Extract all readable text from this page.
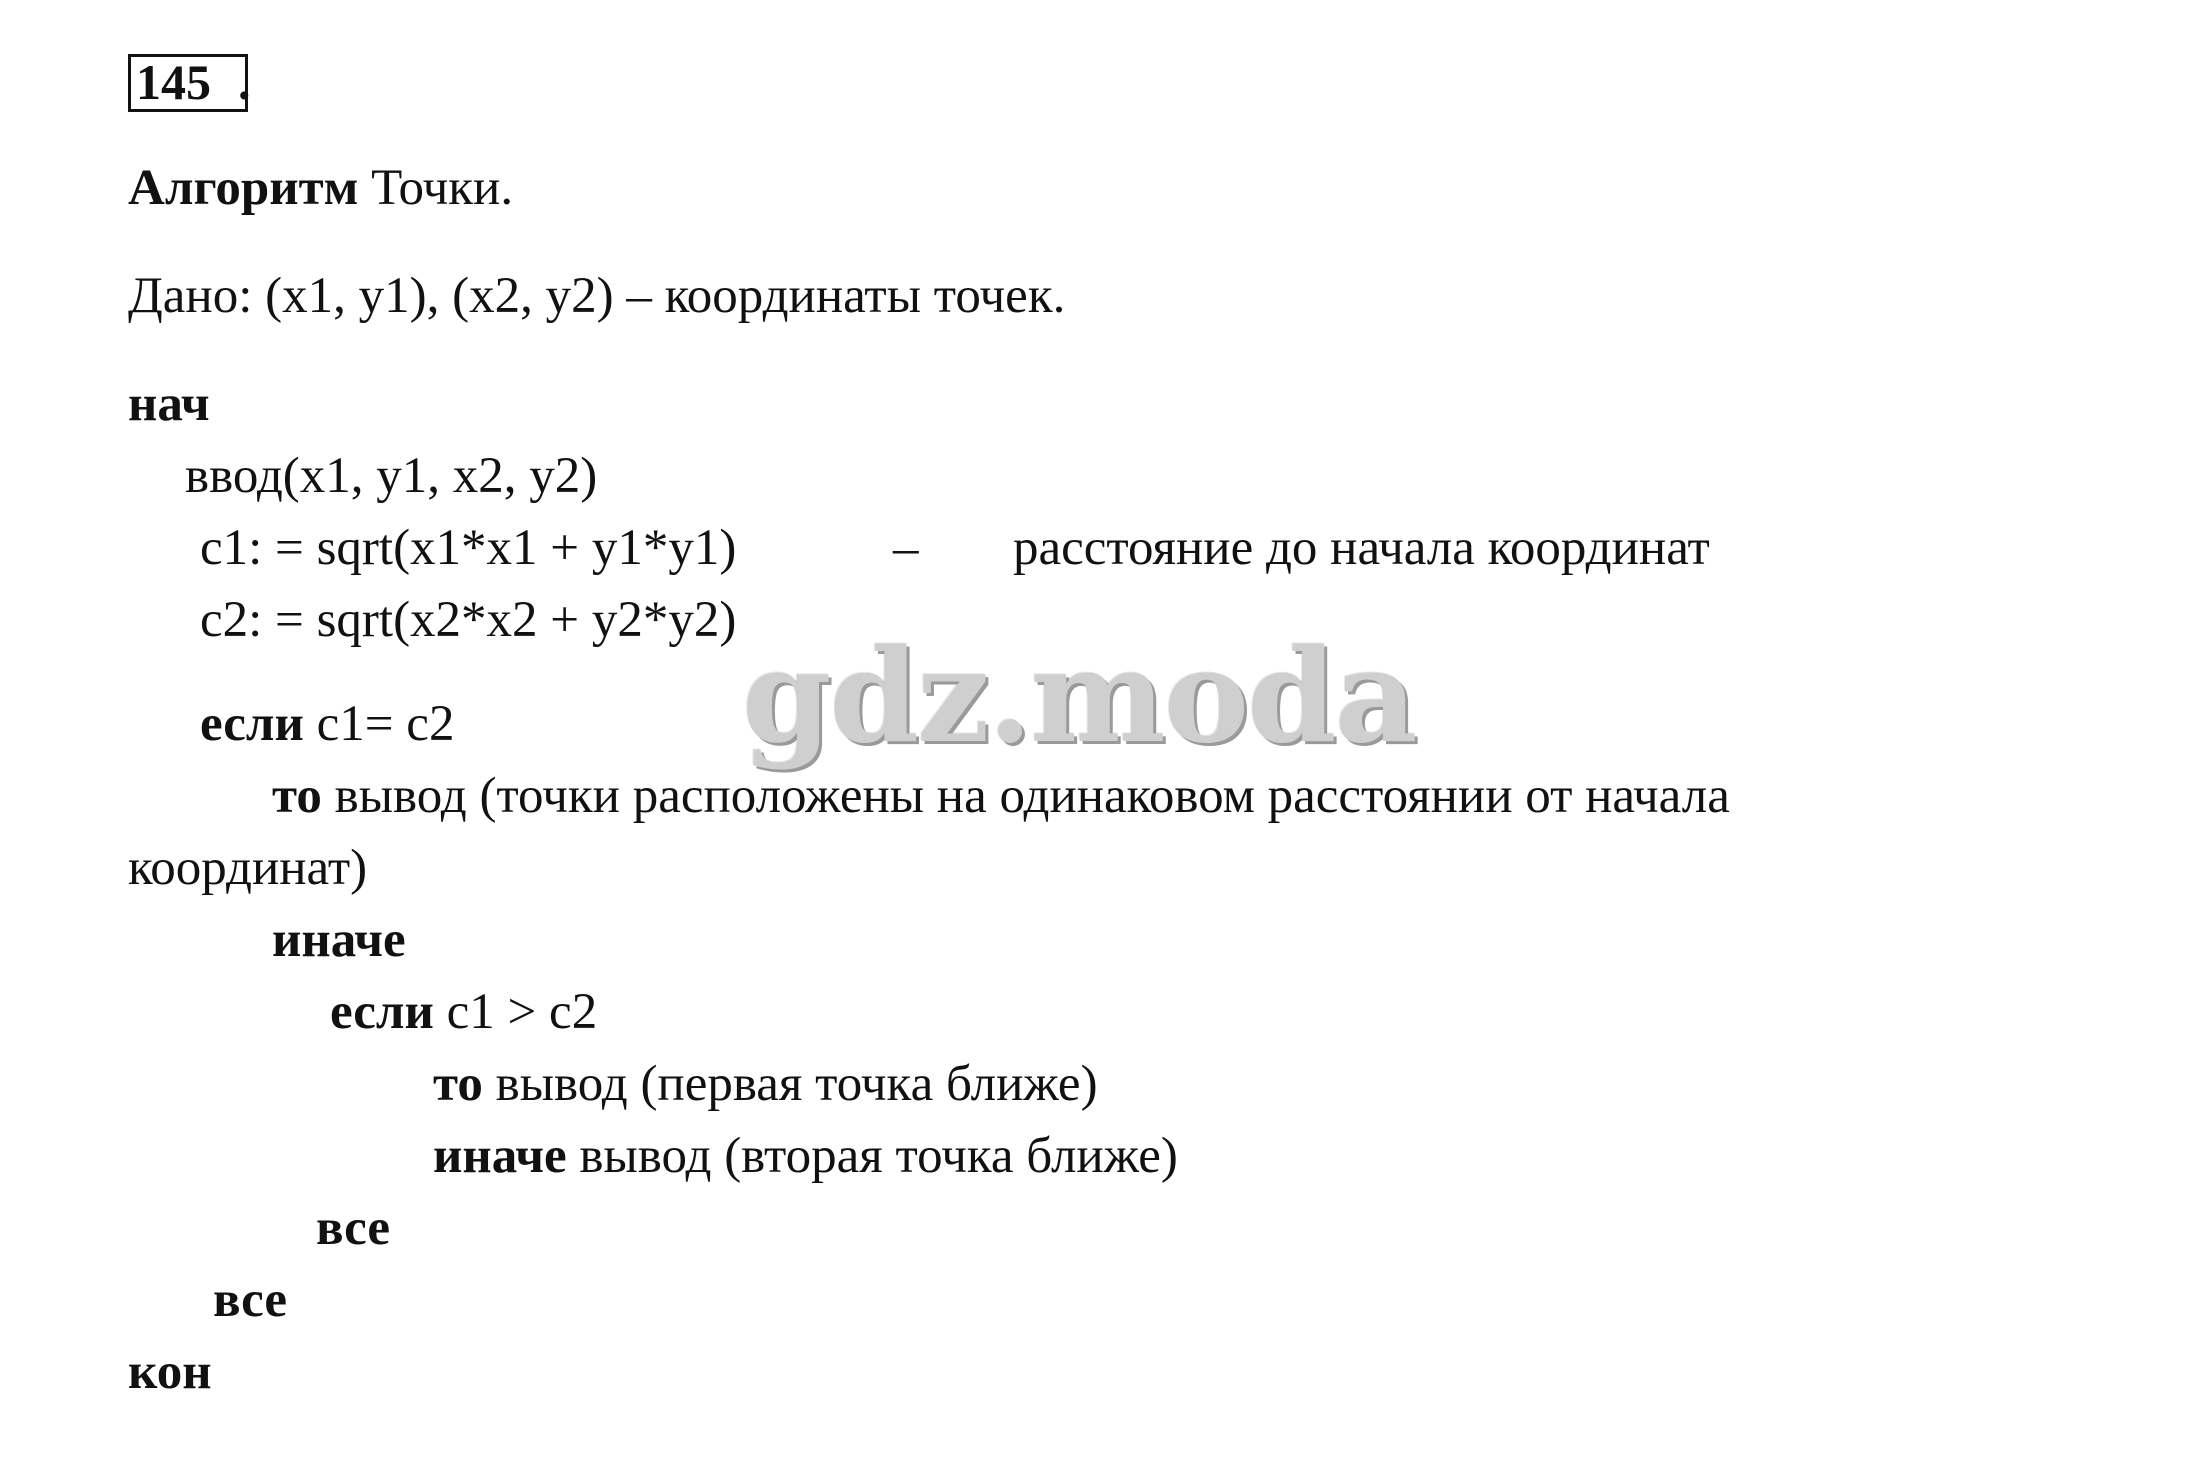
145 .
Алгоритм Точки.
Дано: (x1, y1), (x2, y2) – координаты точек.
нач
ввод(x1, y1, x2, y2)
c1: = sqrt(x1*x1 + y1*y1)	– расстояние до начала координат
c2: = sqrt(x2*x2 + y2*y2)
если c1= c2
то вывод (точки расположены на одинаковом расстоянии от начала
координат)
иначе
если c1 > c2
то вывод (первая точка ближе)
иначе вывод (вторая точка ближе)
все
все
кон
gdz.moda
